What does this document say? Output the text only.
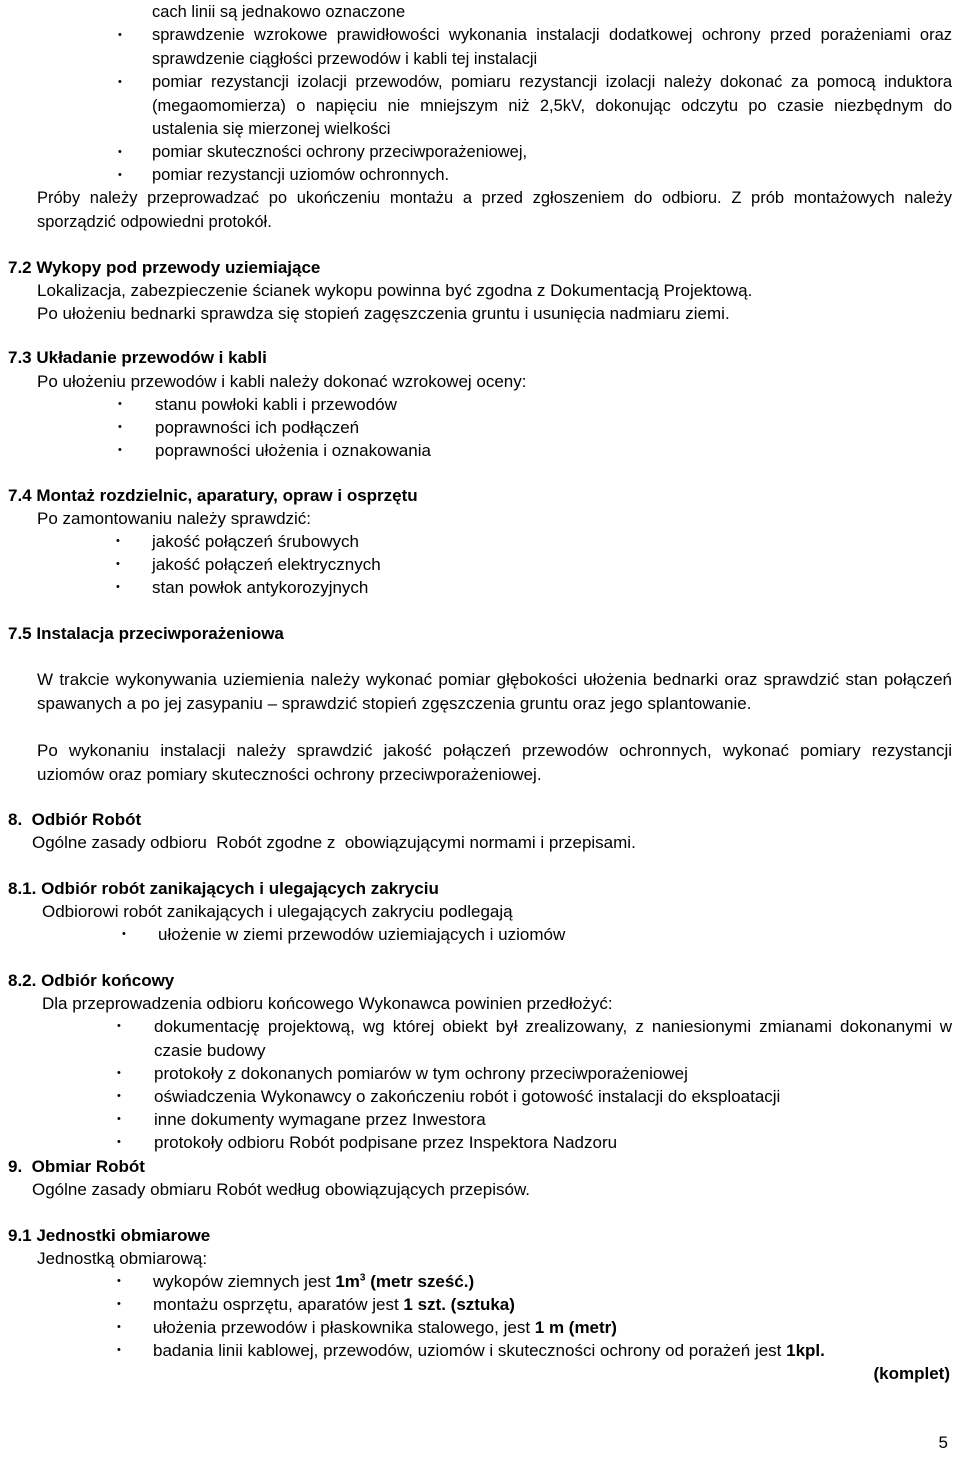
cach linii są jednakowo oznaczone
• sprawdzenie wzrokowe prawidłowości wykonania instalacji dodatkowej ochrony przed porażeniami oraz sprawdzenie ciągłości przewodów i kabli tej instalacji
• pomiar rezystancji izolacji przewodów, pomiaru rezystancji izolacji należy dokonać za pomocą induktora (megaomomierza) o napięciu nie mniejszym niż 2,5kV, dokonując odczytu po czasie niezbędnym do ustalenia się mierzonej wielkości
• pomiar skuteczności ochrony przeciwporażeniowej,
• pomiar rezystancji uziomów ochronnych.
Próby należy przeprowadzać po ukończeniu montażu a przed zgłoszeniem do odbioru. Z prób montażowych należy sporządzić odpowiedni protokół.
7.2 Wykopy pod przewody uziemiające
Lokalizacja, zabezpieczenie ścianek wykopu powinna być zgodna z Dokumentacją Projektową.
Po ułożeniu bednarki sprawdza się stopień zagęszczenia gruntu i usunięcia nadmiaru ziemi.
7.3 Układanie przewodów i kabli
Po ułożeniu przewodów i kabli należy dokonać wzrokowej oceny:
• stanu powłoki kabli i przewodów
• poprawności ich podłączeń
• poprawności ułożenia i oznakowania
7.4 Montaż rozdzielnic, aparatury, opraw i osprzętu
Po zamontowaniu należy sprawdzić:
• jakość połączeń śrubowych
• jakość połączeń elektrycznych
• stan powłok antykorozyjnych
7.5 Instalacja przeciwporażeniowa
W trakcie wykonywania uziemienia należy wykonać pomiar głębokości ułożenia bednarki oraz sprawdzić stan połączeń spawanych a po jej zasypaniu – sprawdzić stopień zgęszczenia gruntu oraz jego splantowanie.
Po wykonaniu instalacji należy sprawdzić jakość połączeń przewodów ochronnych, wykonać pomiary rezystancji uziomów oraz pomiary skuteczności ochrony przeciwporażeniowej.
8.  Odbiór Robót
Ogólne zasady odbioru  Robót zgodne z  obowiązującymi normami i przepisami.
8.1. Odbiór robót zanikających i ulegających zakryciu
Odbiorowi robót zanikających i ulegających zakryciu podlegają
• ułożenie w ziemi przewodów uziemiających i uziomów
8.2. Odbiór końcowy
Dla przeprowadzenia odbioru końcowego Wykonawca powinien przedłożyć:
• dokumentację projektową, wg której obiekt był zrealizowany, z naniesionymi zmianami dokonanymi w czasie budowy
• protokoły z dokonanych pomiarów w tym ochrony przeciwporażeniowej
• oświadczenia Wykonawcy o zakończeniu robót i gotowość instalacji do eksploatacji
• inne dokumenty wymagane przez Inwestora
• protokoły odbioru Robót podpisane przez Inspektora Nadzoru
9.  Obmiar Robót
Ogólne zasady obmiaru Robót według obowiązujących przepisów.
9.1 Jednostki obmiarowe
Jednostką obmiarową:
• wykopów ziemnych jest $1m^3$ (metr sześć.)
• montażu osprzętu, aparatów jest 1 szt. (sztuka)
• ułożenia przewodów i płaskownika stalowego, jest 1 m (metr)
• badania linii kablowej, przewodów, uziomów i skuteczności ochrony od porażeń jest 1kpl.
(komplet)
5
